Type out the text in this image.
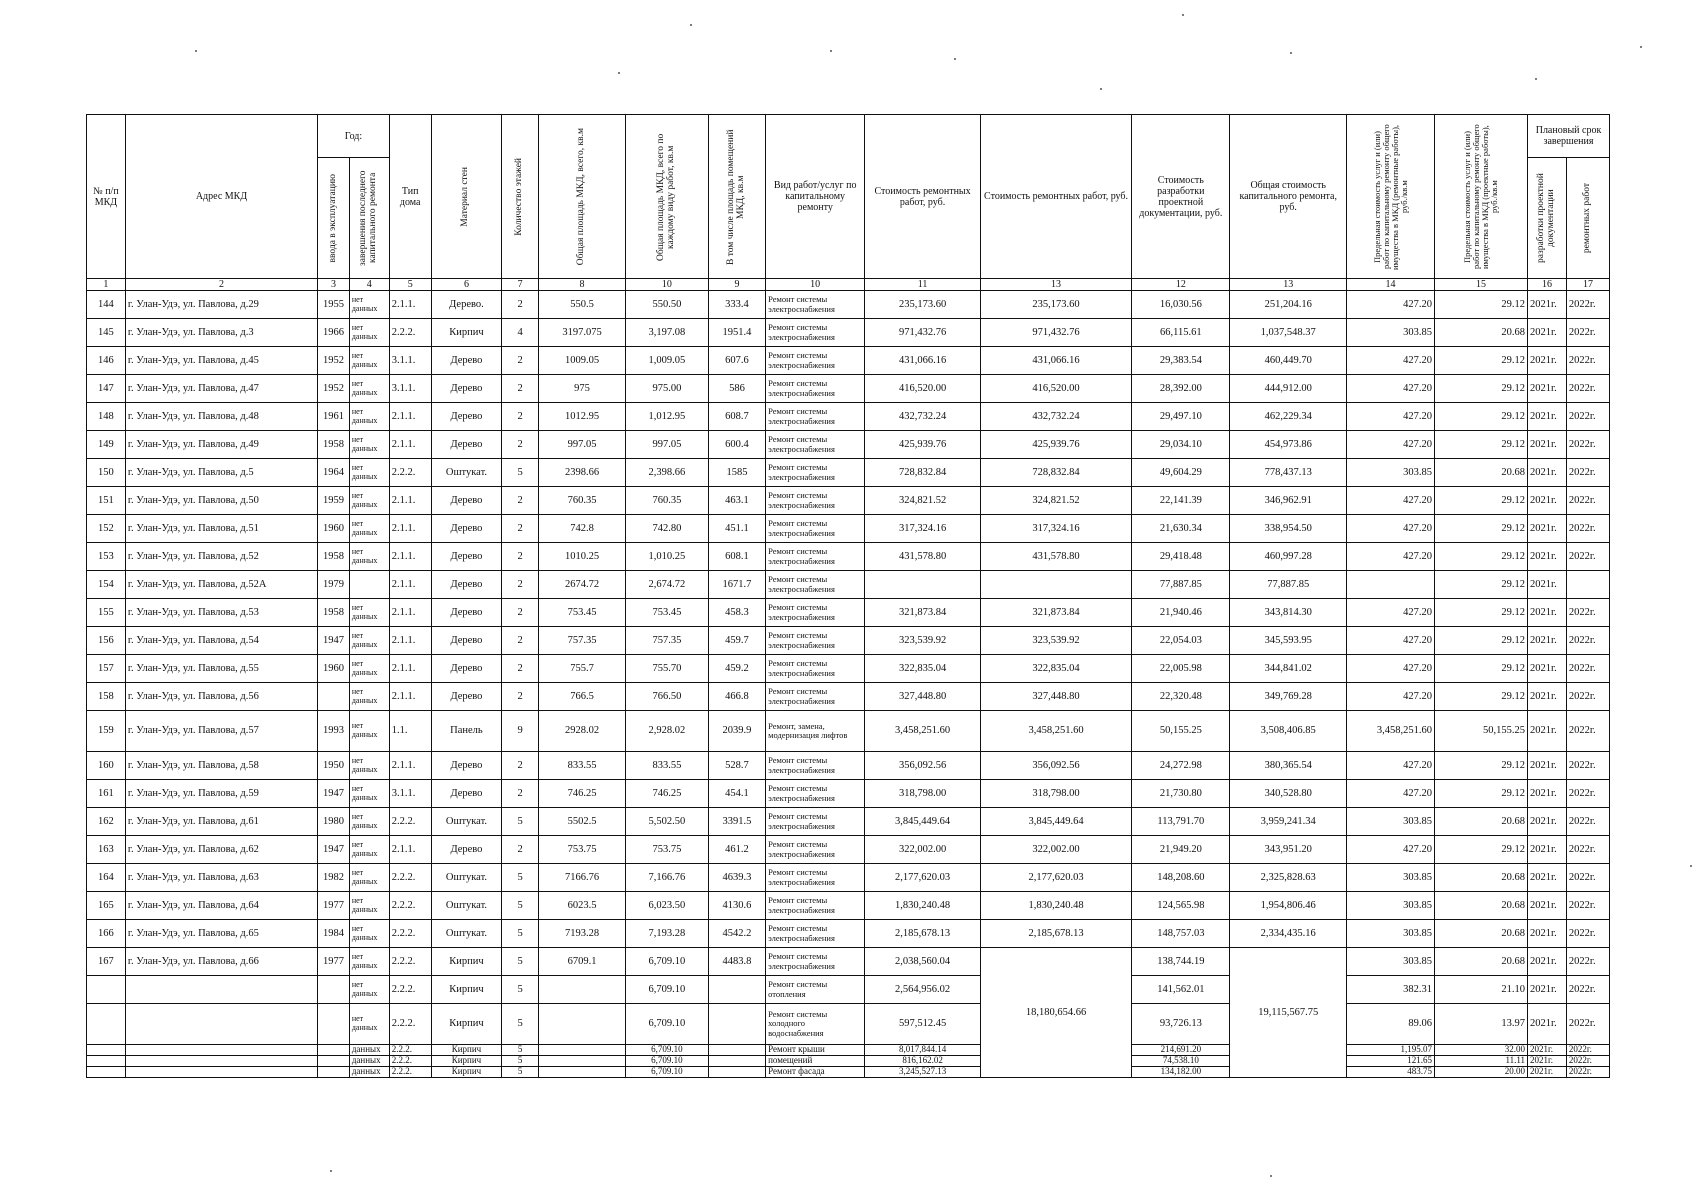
№ п/п МКД	Адрес МКД	Год:		Тип дома	Материал стен	Количество этажей	Общая площадь МКД, всего, кв.м	Общая площадь МКД, всего по каждому виду работ, кв.м	В том числе площадь помещений МКД, кв.м	Вид работ/услуг по капитальному ремонту	Стоимость ремонтных работ, руб.	Стоимость ремонтных работ, руб.	Стоимость разработки проектной документации, руб.	Общая стоимость капитального ремонта, руб.	Предельная стоимость услуг и (или) работ по капитальному ремонту общего имущества в МКД (ремонтные работы), руб./кв.м	Предельная стоимость услуг и (или) работ по капитальному ремонту общего имущества в МКД (проектные работы), руб./кв.м	Плановый срок завершения	

		ввода в эксплуатацию	завершения последнего капитального ремонта														разработки проектной документации	ремонтных работ

1	2	3	4	5	6	7	8	10	9	10	11	13	12	13	14	15	16	17
144	г. Улан-Удэ, ул. Павлова, д.29	1955	нет данных	2.1.1.	Дерево.	2	550.5	550.50	333.4	Ремонт системы электроснабжения	235,173.60	235,173.60	16,030.56	251,204.16	427.20	29.12	2021г.	2022г.
145	г. Улан-Удэ, ул. Павлова, д.3	1966	нет данных	2.2.2.	Кирпич	4	3197.075	3,197.08	1951.4	Ремонт системы электроснабжения	971,432.76	971,432.76	66,115.61	1,037,548.37	303.85	20.68	2021г.	2022г.
146	г. Улан-Удэ, ул. Павлова, д.45	1952	нет данных	3.1.1.	Дерево	2	1009.05	1,009.05	607.6	Ремонт системы электроснабжения	431,066.16	431,066.16	29,383.54	460,449.70	427.20	29.12	2021г.	2022г.
147	г. Улан-Удэ, ул. Павлова, д.47	1952	нет данных	3.1.1.	Дерево	2	975	975.00	586	Ремонт системы электроснабжения	416,520.00	416,520.00	28,392.00	444,912.00	427.20	29.12	2021г.	2022г.
148	г. Улан-Удэ, ул. Павлова, д.48	1961	нет данных	2.1.1.	Дерево	2	1012.95	1,012.95	608.7	Ремонт системы электроснабжения	432,732.24	432,732.24	29,497.10	462,229.34	427.20	29.12	2021г.	2022г.
149	г. Улан-Удэ, ул. Павлова, д.49	1958	нет данных	2.1.1.	Дерево	2	997.05	997.05	600.4	Ремонт системы электроснабжения	425,939.76	425,939.76	29,034.10	454,973.86	427.20	29.12	2021г.	2022г.
150	г. Улан-Удэ, ул. Павлова, д.5	1964	нет данных	2.2.2.	Оштукат.	5	2398.66	2,398.66	1585	Ремонт системы электроснабжения	728,832.84	728,832.84	49,604.29	778,437.13	303.85	20.68	2021г.	2022г.
151	г. Улан-Удэ, ул. Павлова, д.50	1959	нет данных	2.1.1.	Дерево	2	760.35	760.35	463.1	Ремонт системы электроснабжения	324,821.52	324,821.52	22,141.39	346,962.91	427.20	29.12	2021г.	2022г.
152	г. Улан-Удэ, ул. Павлова, д.51	1960	нет данных	2.1.1.	Дерево	2	742.8	742.80	451.1	Ремонт системы электроснабжения	317,324.16	317,324.16	21,630.34	338,954.50	427.20	29.12	2021г.	2022г.
153	г. Улан-Удэ, ул. Павлова, д.52	1958	нет данных	2.1.1.	Дерево	2	1010.25	1,010.25	608.1	Ремонт системы электроснабжения	431,578.80	431,578.80	29,418.48	460,997.28	427.20	29.12	2021г.	2022г.
154	г. Улан-Удэ, ул. Павлова, д.52А	1979		2.1.1.	Дерево	2	2674.72	2,674.72	1671.7	Ремонт системы электроснабжения			77,887.85	77,887.85		29.12	2021г.	
155	г. Улан-Удэ, ул. Павлова, д.53	1958	нет данных	2.1.1.	Дерево	2	753.45	753.45	458.3	Ремонт системы электроснабжения	321,873.84	321,873.84	21,940.46	343,814.30	427.20	29.12	2021г.	2022г.
156	г. Улан-Удэ, ул. Павлова, д.54	1947	нет данных	2.1.1.	Дерево	2	757.35	757.35	459.7	Ремонт системы электроснабжения	323,539.92	323,539.92	22,054.03	345,593.95	427.20	29.12	2021г.	2022г.
157	г. Улан-Удэ, ул. Павлова, д.55	1960	нет данных	2.1.1.	Дерево	2	755.7	755.70	459.2	Ремонт системы электроснабжения	322,835.04	322,835.04	22,005.98	344,841.02	427.20	29.12	2021г.	2022г.
158	г. Улан-Удэ, ул. Павлова, д.56		нет данных	2.1.1.	Дерево	2	766.5	766.50	466.8	Ремонт системы электроснабжения	327,448.80	327,448.80	22,320.48	349,769.28	427.20	29.12	2021г.	2022г.
159	г. Улан-Удэ, ул. Павлова, д.57	1993	нет данных	1.1.	Панель	9	2928.02	2,928.02	2039.9	Ремонт, замена, модернизация лифтов	3,458,251.60	3,458,251.60	50,155.25	3,508,406.85	3,458,251.60	50,155.25	2021г.	2022г.
160	г. Улан-Удэ, ул. Павлова, д.58	1950	нет данных	2.1.1.	Дерево	2	833.55	833.55	528.7	Ремонт системы электроснабжения	356,092.56	356,092.56	24,272.98	380,365.54	427.20	29.12	2021г.	2022г.
161	г. Улан-Удэ, ул. Павлова, д.59	1947	нет данных	3.1.1.	Дерево	2	746.25	746.25	454.1	Ремонт системы электроснабжения	318,798.00	318,798.00	21,730.80	340,528.80	427.20	29.12	2021г.	2022г.
162	г. Улан-Удэ, ул. Павлова, д.61	1980	нет данных	2.2.2.	Оштукат.	5	5502.5	5,502.50	3391.5	Ремонт системы электроснабжения	3,845,449.64	3,845,449.64	113,791.70	3,959,241.34	303.85	20.68	2021г.	2022г.
163	г. Улан-Удэ, ул. Павлова, д.62	1947	нет данных	2.1.1.	Дерево	2	753.75	753.75	461.2	Ремонт системы электроснабжения	322,002.00	322,002.00	21,949.20	343,951.20	427.20	29.12	2021г.	2022г.
164	г. Улан-Удэ, ул. Павлова, д.63	1982	нет данных	2.2.2.	Оштукат.	5	7166.76	7,166.76	4639.3	Ремонт системы электроснабжения	2,177,620.03	2,177,620.03	148,208.60	2,325,828.63	303.85	20.68	2021г.	2022г.
165	г. Улан-Удэ, ул. Павлова, д.64	1977	нет данных	2.2.2.	Оштукат.	5	6023.5	6,023.50	4130.6	Ремонт системы электроснабжения	1,830,240.48	1,830,240.48	124,565.98	1,954,806.46	303.85	20.68	2021г.	2022г.
166	г. Улан-Удэ, ул. Павлова, д.65	1984	нет данных	2.2.2.	Оштукат.	5	7193.28	7,193.28	4542.2	Ремонт системы электроснабжения	2,185,678.13	2,185,678.13	148,757.03	2,334,435.16	303.85	20.68	2021г.	2022г.
167	г. Улан-Удэ, ул. Павлова, д.66	1977	нет данных	2.2.2.	Кирпич	5	6709.1	6,709.10	4483.8	Ремонт системы электроснабжения	2,038,560.04	18,180,654.66	138,744.19	19,115,567.75	303.85	20.68	2021г.	2022г.
			нет данных	2.2.2.	Кирпич	5		6,709.10		Ремонт системы отопления	2,564,956.02		141,562.01		382.31	21.10	2021г.	2022г.
			нет данных	2.2.2.	Кирпич	5		6,709.10		Ремонт системы холодного водоснабжения	597,512.45		93,726.13		89.06	13.97	2021г.	2022г.
			данных	2.2.2.	Кирпич	5		6,709.10		Ремонт крыши	8,017,844.14		214,691.20		1,195.07	32.00	2021г.	2022г.
			данных	2.2.2.	Кирпич	5		6,709.10		помещений	816,162.02		74,538.10		121.65	11.11	2021г.	2022г.
			данных	2.2.2.	Кирпич	5		6,709.10		Ремонт фасада	3,245,527.13		134,182.00		483.75	20.00	2021г.	2022г.
